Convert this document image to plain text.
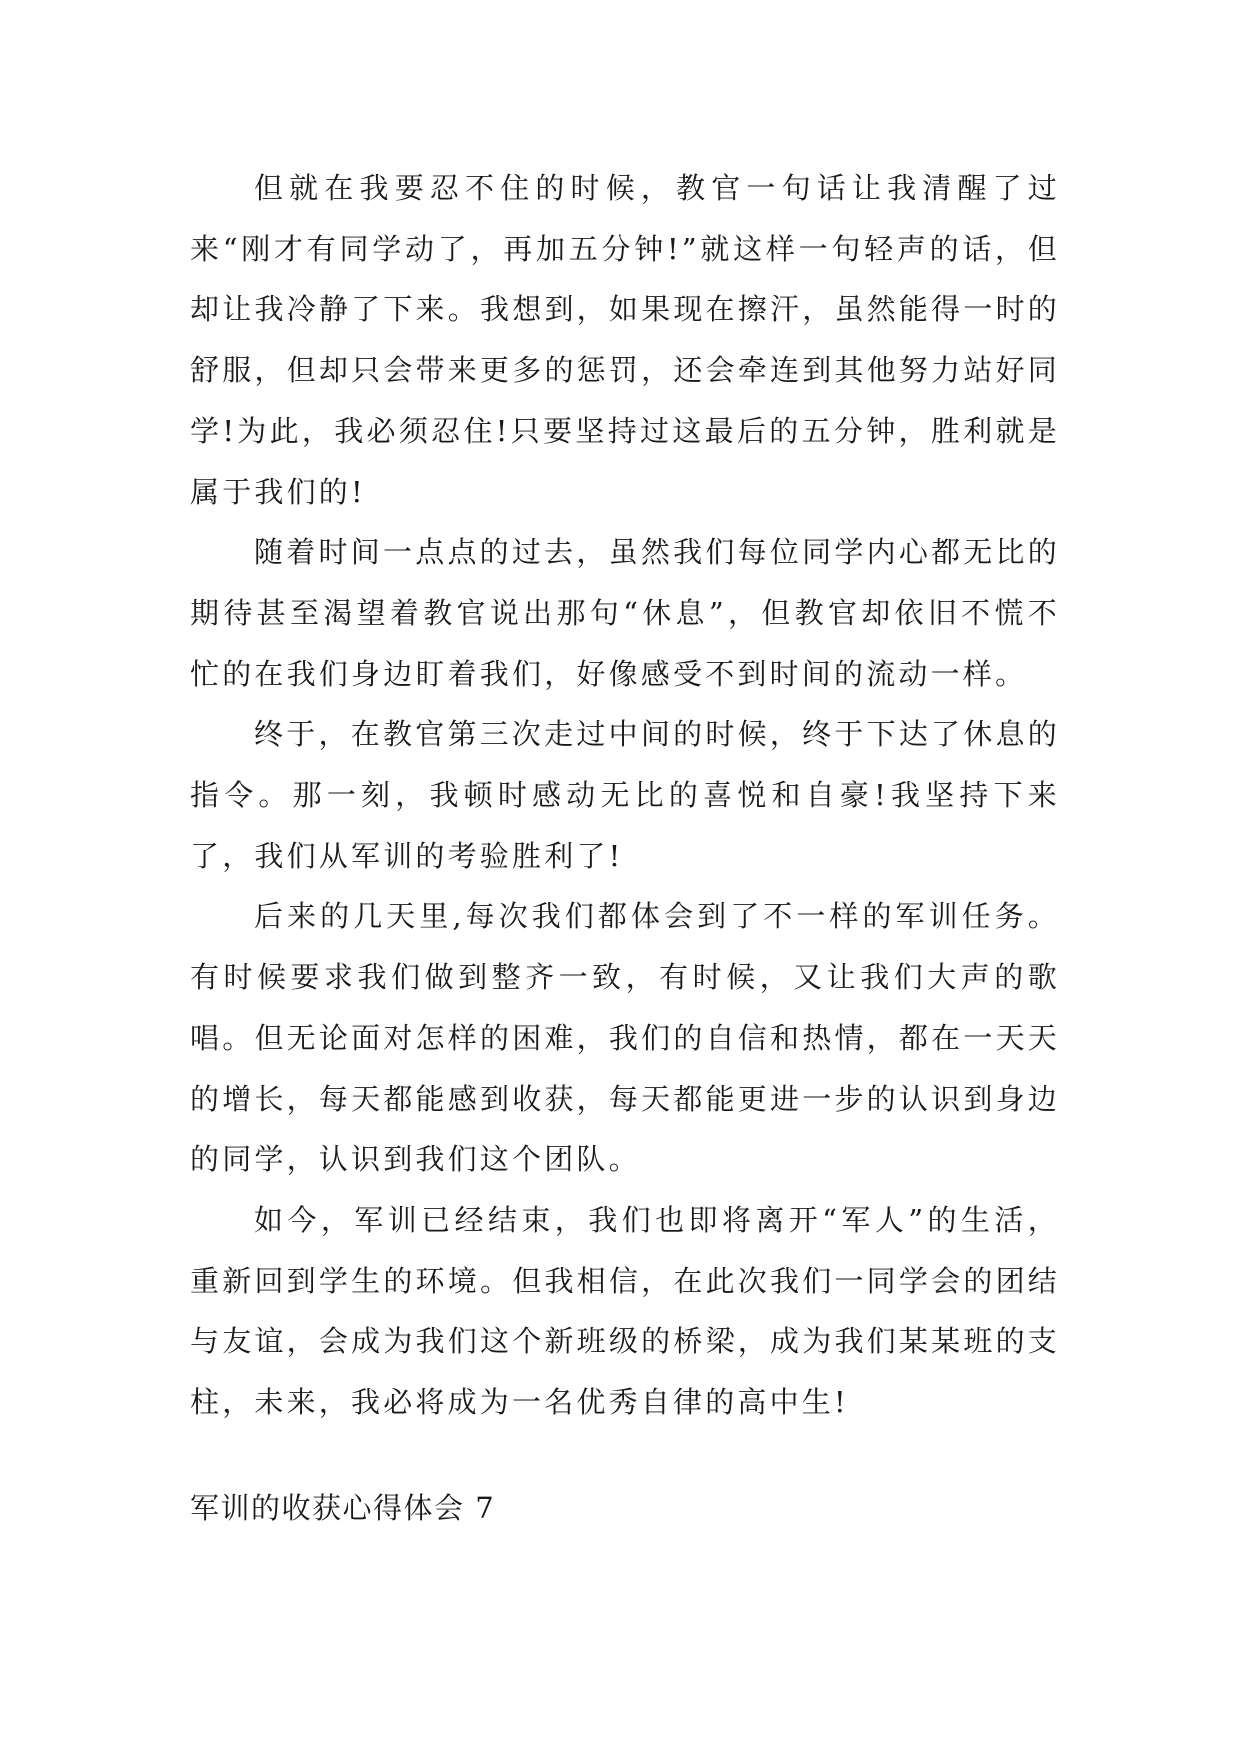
但就在我要忍不住的时候，教官一句话让我清醒了过来“刚才有同学动了，再加五分钟!”就这样一句轻声的话，但却让我冷静了下来。我想到，如果现在擦汗，虽然能得一时的舒服，但却只会带来更多的惩罚，还会牵连到其他努力站好同学!为此，我必须忍住!只要坚持过这最后的五分钟，胜利就是属于我们的!

随着时间一点点的过去，虽然我们每位同学内心都无比的期待甚至渴望着教官说出那句“休息”，但教官却依旧不慌不忙的在我们身边盯着我们，好像感受不到时间的流动一样。

终于，在教官第三次走过中间的时候，终于下达了休息的指令。那一刻，我顿时感动无比的喜悦和自豪!我坚持下来了，我们从军训的考验胜利了!

后来的几天里,每次我们都体会到了不一样的军训任务。有时候要求我们做到整齐一致，有时候，又让我们大声的歌唱。但无论面对怎样的困难，我们的自信和热情，都在一天天的增长，每天都能感到收获，每天都能更进一步的认识到身边的同学，认识到我们这个团队。

如今，军训已经结束，我们也即将离开“军人”的生活，重新回到学生的环境。但我相信，在此次我们一同学会的团结与友谊，会成为我们这个新班级的桥梁，成为我们某某班的支柱，未来，我必将成为一名优秀自律的高中生!

军训的收获心得体会 7
